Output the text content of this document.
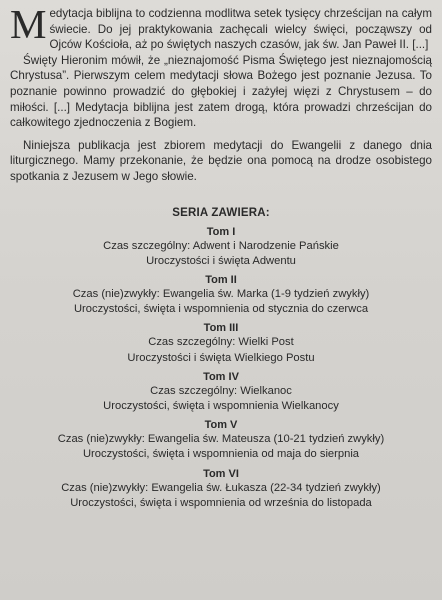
Medytacja biblijna to codzienna modlitwa setek tysięcy chrześcijan na całym świecie. Do jej praktykowania zachęcali wielcy święci, począwszy od Ojców Kościoła, aż po świętych naszych czasów, jak św. Jan Paweł II. [...]

Święty Hieronim mówił, że „nieznajomość Pisma Świętego jest nieznajomością Chrystusa”. Pierwszym celem medytacji słowa Bożego jest poznanie Jezusa. To poznanie powinno prowadzić do głębokiej i zażyłej więzi z Chrystusem – do miłości. [...] Medytacja biblijna jest zatem drogą, która prowadzi chrześcijan do całkowitego zjednoczenia z Bogiem.

Niniejsza publikacja jest zbiorem medytacji do Ewangelii z danego dnia liturgicznego. Mamy przekonanie, że będzie ona pomocą na drodze osobistego spotkania z Jezusem w Jego słowie.

SERIA ZAWIERA:
Tom I
Czas szczególny: Adwent i Narodzenie Pańskie
Uroczystości i święta Adwentu
Tom II
Czas (nie)zwykły: Ewangelia św. Marka (1-9 tydzień zwykły)
Uroczystości, święta i wspomnienia od stycznia do czerwca
Tom III
Czas szczególny: Wielki Post
Uroczystości i święta Wielkiego Postu
Tom IV
Czas szczególny: Wielkanoc
Uroczystości, święta i wspomnienia Wielkanocy
Tom V
Czas (nie)zwykły: Ewangelia św. Mateusza (10-21 tydzień zwykły)
Uroczystości, święta i wspomnienia od maja do sierpnia
Tom VI
Czas (nie)zwykły: Ewangelia św. Łukasza (22-34 tydzień zwykły)
Uroczystości, święta i wspomnienia od września do listopada
